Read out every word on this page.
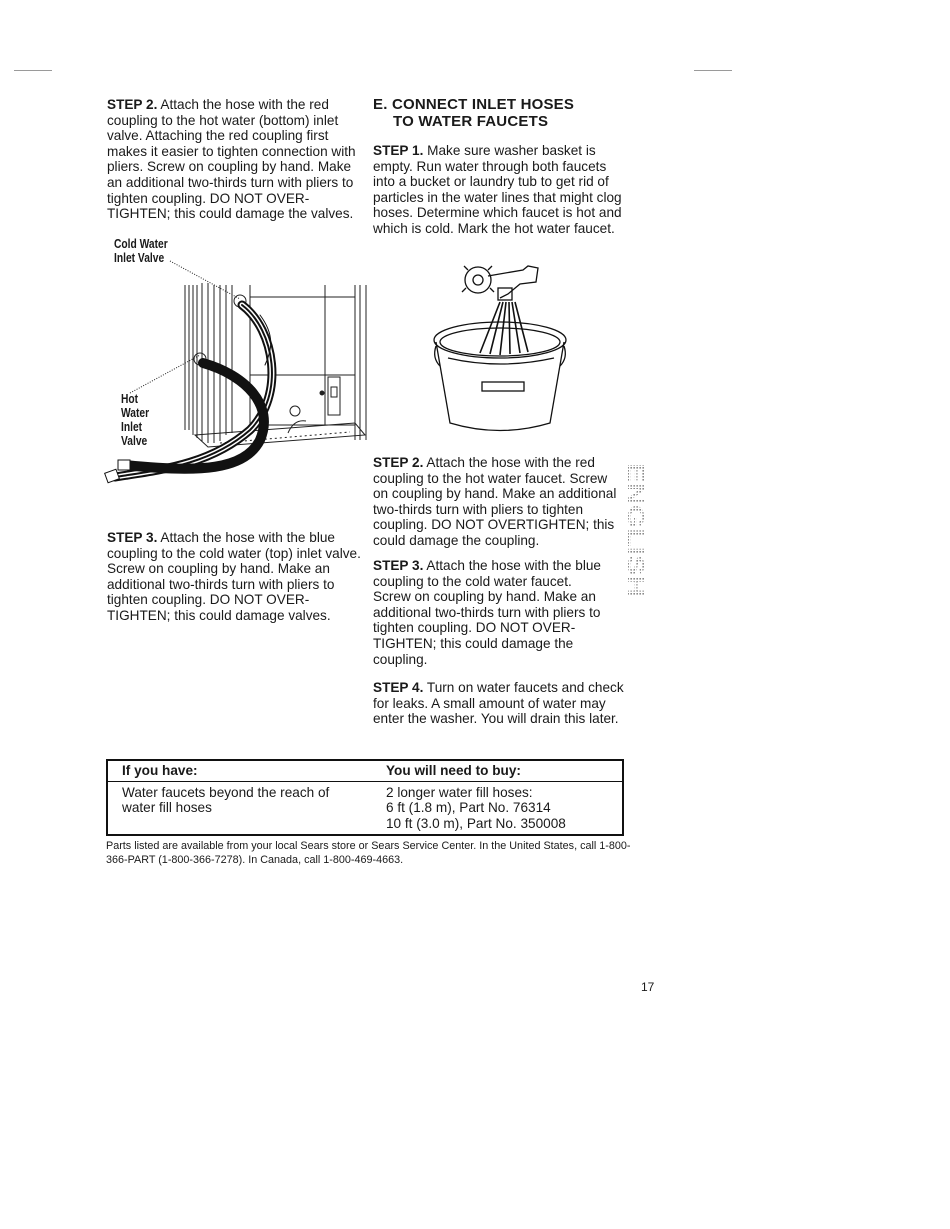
STEP 2. Attach the hose with the red coupling to the hot water (bottom) inlet valve. Attaching the red coupling first makes it easier to tighten connection with pliers. Screw on coupling by hand. Make an additional two-thirds turn with pliers to tighten coupling. DO NOT OVER-TIGHTEN; this could damage the valves.
Cold Water
Inlet Valve
Hot
Water
Inlet
Valve
STEP 3. Attach the hose with the blue coupling to the cold water (top) inlet valve. Screw on coupling by hand. Make an additional two-thirds turn with pliers to tighten coupling. DO NOT OVER-TIGHTEN; this could damage valves.
E. CONNECT INLET HOSES
TO WATER FAUCETS
STEP 1. Make sure washer basket is empty. Run water through both faucets into a bucket or laundry tub to get rid of particles in the water lines that might clog hoses. Determine which faucet is hot and which is cold. Mark the hot water faucet.
STEP 2. Attach the hose with the red coupling to the hot water faucet. Screw on coupling by hand. Make an additional two-thirds turn with pliers to tighten coupling. DO NOT OVERTIGHTEN; this could damage the coupling.
STEP 3. Attach the hose with the blue coupling to the cold water faucet. Screw on coupling by hand. Make an additional two-thirds turn with pliers to tighten coupling. DO NOT OVER-TIGHTEN; this could damage the coupling.
STEP 4. Turn on water faucets and check for leaks. A small amount of water may enter the washer. You will drain this later.
ENGLISH
If you have:	You will need to buy:
Water faucets beyond the reach of water fill hoses	2 longer water fill hoses:
6 ft (1.8 m), Part No. 76314
10 ft (3.0 m), Part No. 350008
Parts listed are available from your local Sears store or Sears Service Center. In the United States, call 1-800-366-PART (1-800-366-7278). In Canada, call 1-800-469-4663.
17
